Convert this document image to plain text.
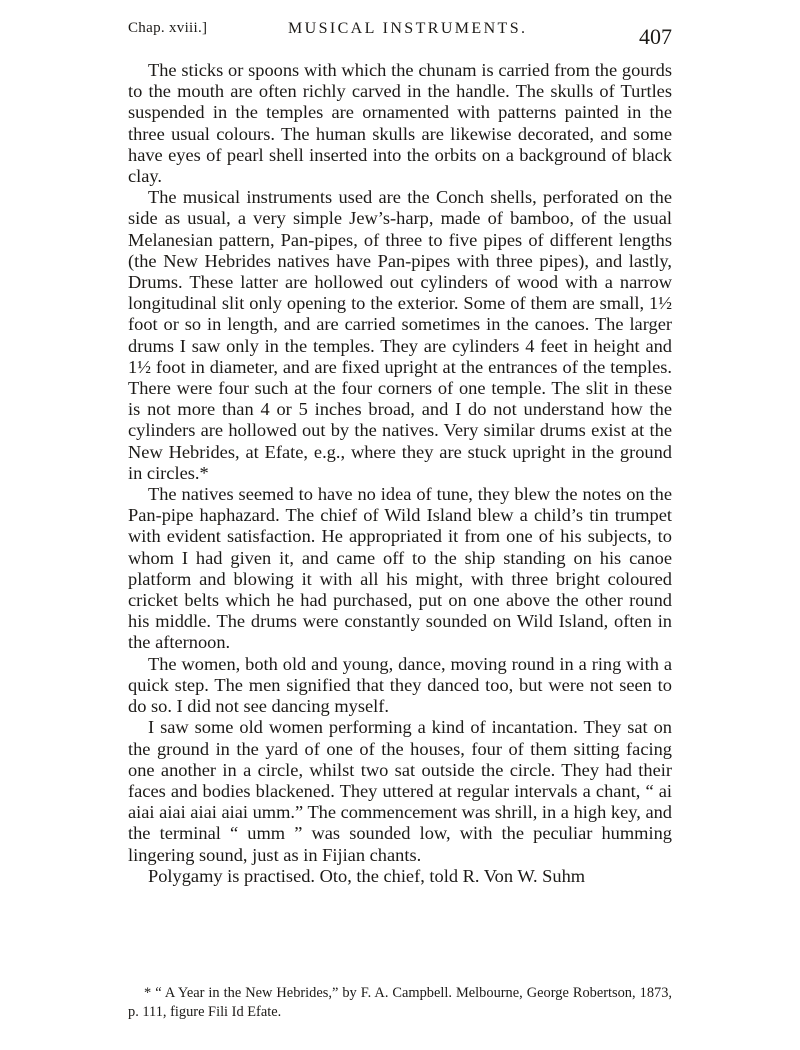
Chap. xviii.]	MUSICAL INSTRUMENTS.	407

The sticks or spoons with which the chunam is carried from the gourds to the mouth are often richly carved in the handle. The skulls of Turtles suspended in the temples are ornamented with patterns painted in the three usual colours. The human skulls are likewise decorated, and some have eyes of pearl shell inserted into the orbits on a background of black clay.

The musical instruments used are the Conch shells, perforated on the side as usual, a very simple Jew’s-harp, made of bamboo, of the usual Melanesian pattern, Pan-pipes, of three to five pipes of different lengths (the New Hebrides natives have Pan-pipes with three pipes), and lastly, Drums. These latter are hollowed out cylinders of wood with a narrow longitudinal slit only opening to the exterior. Some of them are small, 1½ foot or so in length, and are carried sometimes in the canoes. The larger drums I saw only in the temples. They are cylinders 4 feet in height and 1½ foot in diameter, and are fixed upright at the entrances of the temples. There were four such at the four corners of one temple. The slit in these is not more than 4 or 5 inches broad, and I do not understand how the cylinders are hollowed out by the natives. Very similar drums exist at the New Hebrides, at Efate, e.g., where they are stuck upright in the ground in circles.*

The natives seemed to have no idea of tune, they blew the notes on the Pan-pipe haphazard. The chief of Wild Island blew a child’s tin trumpet with evident satisfaction. He appropriated it from one of his subjects, to whom I had given it, and came off to the ship standing on his canoe platform and blowing it with all his might, with three bright coloured cricket belts which he had purchased, put on one above the other round his middle. The drums were constantly sounded on Wild Island, often in the afternoon.

The women, both old and young, dance, moving round in a ring with a quick step. The men signified that they danced too, but were not seen to do so. I did not see dancing myself.

I saw some old women performing a kind of incantation. They sat on the ground in the yard of one of the houses, four of them sitting facing one another in a circle, whilst two sat outside the circle. They had their faces and bodies blackened. They uttered at regular intervals a chant, “ ai aiai aiai aiai aiai umm.” The commencement was shrill, in a high key, and the terminal “ umm ” was sounded low, with the peculiar humming lingering sound, just as in Fijian chants.

Polygamy is practised. Oto, the chief, told R. Von W. Suhm

* “ A Year in the New Hebrides,” by F. A. Campbell. Melbourne, George Robertson, 1873, p. 111, figure Fili Id Efate.
